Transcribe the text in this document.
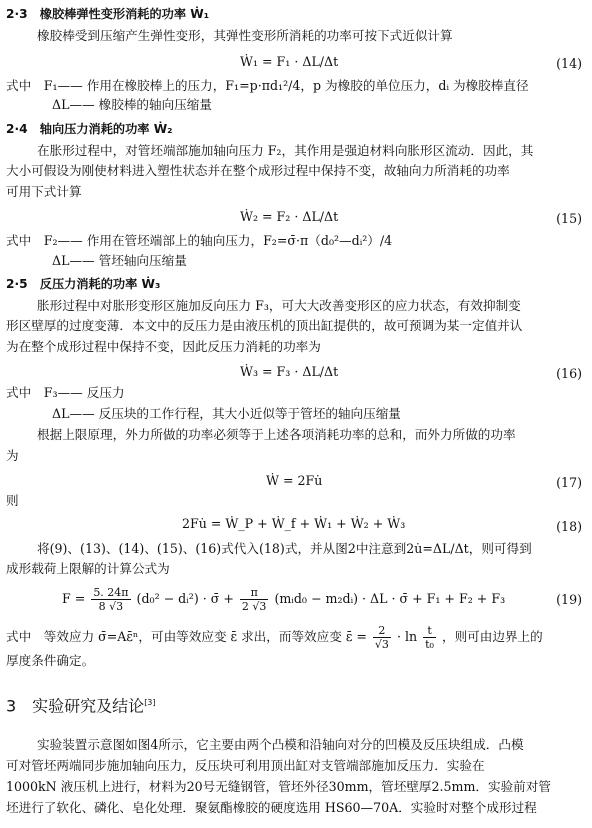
2·3　橡胶棒弹性变形消耗的功率 Ẇ₁
橡胶棒受到压缩产生弹性变形，其弹性变形所消耗的功率可按下式近似计算
Ẇ₁ = F₁ · ΔL/Δt	(14)
式中　F₁—— 作用在橡胶棒上的压力，F₁=p·πd₁²/4，p 为橡胶的单位压力，dᵢ 为橡胶棒直径
ΔL—— 橡胶棒的轴向压缩量
2·4　轴向压力消耗的功率 Ẇ₂
在胀形过程中，对管坯端部施加轴向压力 F₂，其作用是强迫材料向胀形区流动．因此，其
大小可假设为刚使材料进入塑性状态并在整个成形过程中保持不变，故轴向力所消耗的功率
可用下式计算
Ẇ₂ = F₂ · ΔL/Δt	(15)
式中　F₂—— 作用在管坯端部上的轴向压力，F₂=σ̄·π（d₀²—dᵢ²）/4
ΔL—— 管坯轴向压缩量
2·5　反压力消耗的功率 Ẇ₃
胀形过程中对胀形变形区施加反向压力 F₃，可大大改善变形区的应力状态，有效抑制变
形区壁厚的过度变薄．本文中的反压力是由液压机的顶出缸提供的，故可预调为某一定值并认
为在整个成形过程中保持不变，因此反压力消耗的功率为
Ẇ₃ = F₃ · ΔL/Δt	(16)
式中　F₃—— 反压力
ΔL—— 反压块的工作行程，其大小近似等于管坯的轴向压缩量
根据上限原理，外力所做的功率必须等于上述各项消耗功率的总和，而外力所做的功率
为
Ẇ = 2Fu̇	(17)
则
2Fu̇ = Ẇ_P + Ẇ_f + Ẇ₁ + Ẇ₂ + Ẇ₃	(18)
将(9)、(13)、(14)、(15)、(16)式代入(18)式，并从图2中注意到2u̇=ΔL/Δt，则可得到
成形载荷上限解的计算公式为
$F = \frac{5. 24\pi}{8 √3} (d_0^2$ − dᵢ²) · σ̄ + $\frac{\pi}{2 √3}$ (mᵢd₀ − m₂dᵢ) · ΔL · σ̄ + F₁ + F₂ + F₃	(19)
式中　等效应力 σ̄=Aε̄ⁿ，可由等效应变 ε̄ 求出，而等效应变 ε̄ = $\frac{2}{√3} \cdot \ln \frac{t}{\text{t₀}}$ ，则可由边界上的
厚度条件确定。
3　实验研究及结论[3]
实验装置示意图如图4所示，它主要由两个凸模和沿轴向对分的凹模及反压块组成．凸模
可对管坯两端同步施加轴向压力，反压块可利用顶出缸对支管端部施加反压力．实验在
1000kN 液压机上进行，材料为20号无缝钢管，管坯外径30mm，管坯壁厚2.5mm．实验前对管
坯进行了软化、磷化、皂化处理．聚氨酯橡胶的硬度选用 HS60—70A．实验时对整个成形过程
